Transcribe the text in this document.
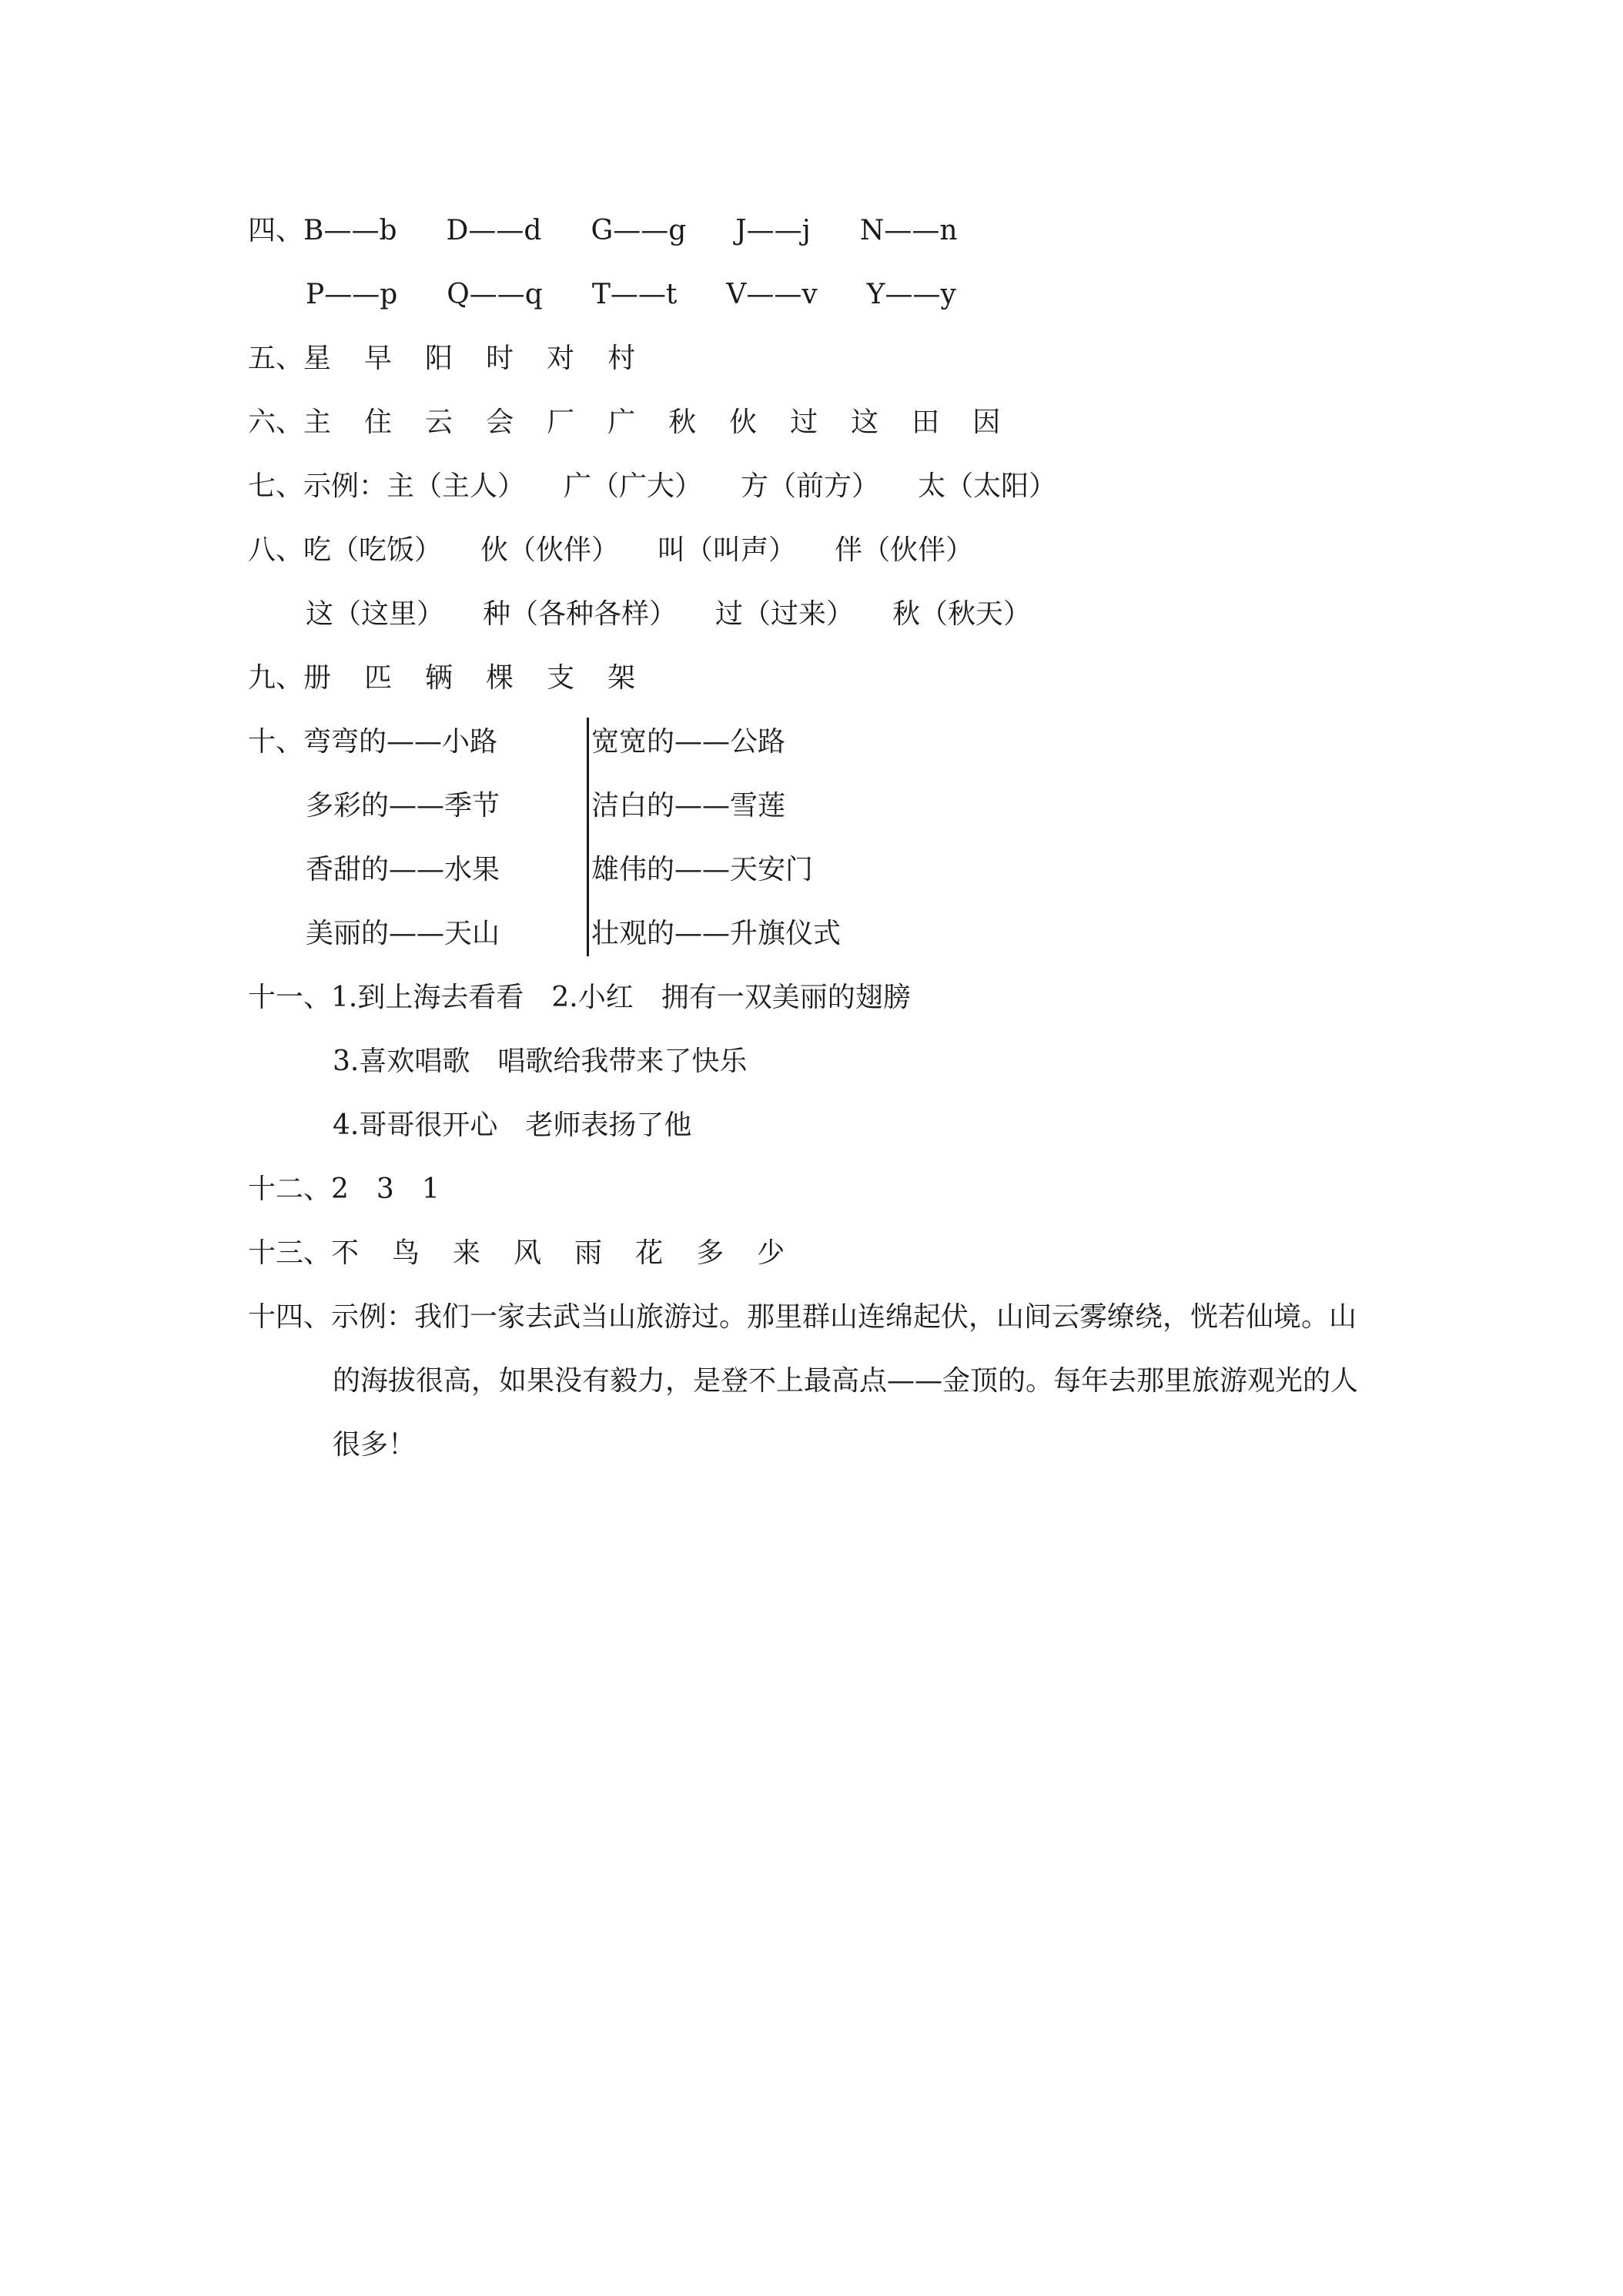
四、B——b D——d G——g J——j N——n
P——p Q——q T——t V——v Y——y
五、星 早 阳 时 对 村
六、主 住 云 会 厂 广 秋 伙 过 这 田 因
七、示例：主（主人） 广（广大） 方（前方） 太（太阳）
八、吃（吃饭） 伙（伙伴） 叫（叫声） 伴（伙伴）
这（这里） 种（各种各样） 过（过来） 秋（秋天）
九、册 匹 辆 棵 支 架
十、弯弯的——小路	宽宽的——公路
多彩的——季节	洁白的——雪莲
香甜的——水果	雄伟的——天安门
美丽的——天山	壮观的——升旗仪式
十一、1.到上海去看看 2.小红 拥有一双美丽的翅膀
3.喜欢唱歌 唱歌给我带来了快乐
4.哥哥很开心 老师表扬了他
十二、2 3 1
十三、不 鸟 来 风 雨 花 多 少
十四、示例：我们一家去武当山旅游过。那里群山连绵起伏，山间云雾缭绕，恍若仙境。山
的海拔很高，如果没有毅力，是登不上最高点——金顶的。每年去那里旅游观光的人
很多！
